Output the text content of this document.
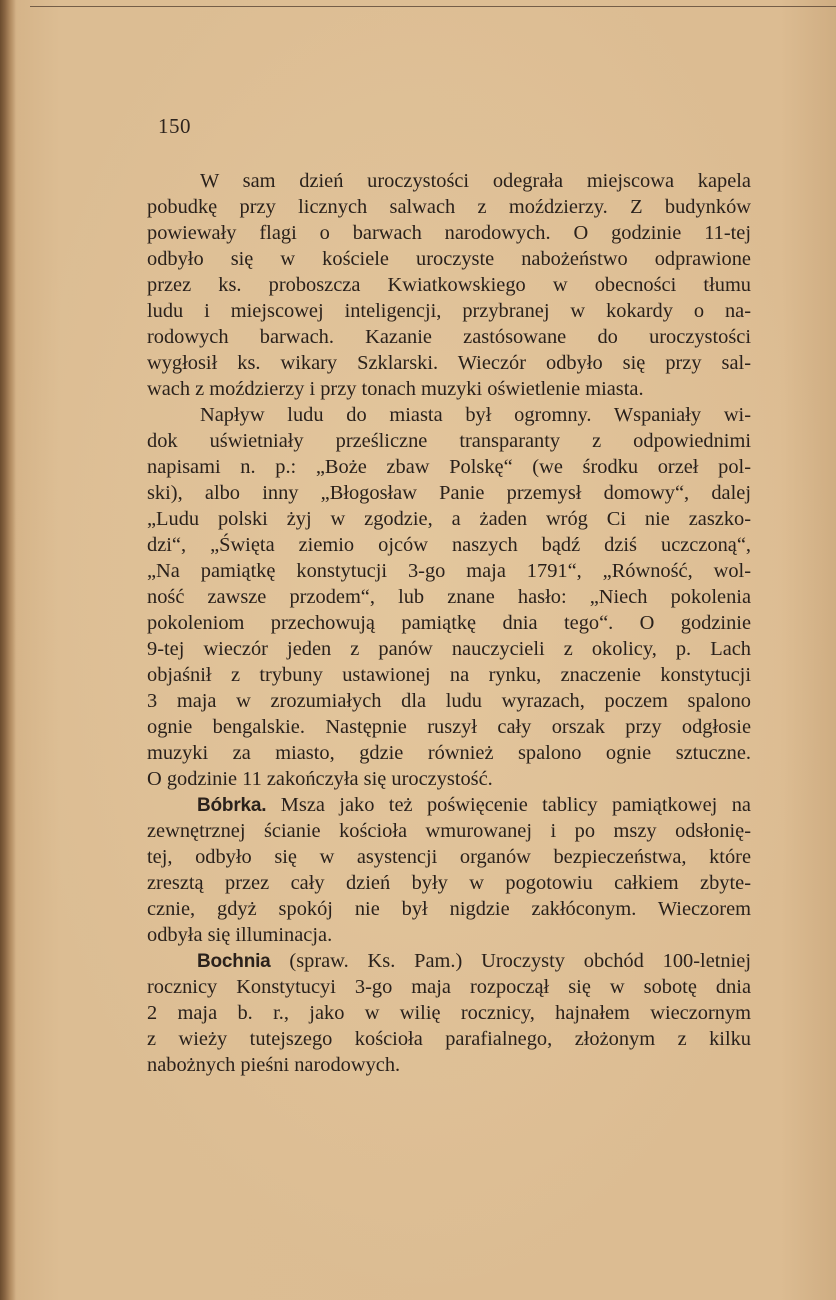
150
W sam dzień uroczystości odegrała miejscowa kapela
pobudkę przy licznych salwach z moździerzy. Z budynków
powiewały flagi o barwach narodowych. O godzinie 11-tej
odbyło się w kościele uroczyste nabożeństwo odprawione
przez ks. proboszcza Kwiatkowskiego w obecności tłumu
ludu i miejscowej inteligencji, przybranej w kokardy o na-
rodowych barwach. Kazanie zastósowane do uroczystości
wygłosił ks. wikary Szklarski. Wieczór odbyło się przy sal-
wach z moździerzy i przy tonach muzyki oświetlenie miasta.
Napływ ludu do miasta był ogromny. Wspaniały wi-
dok uświetniały prześliczne transparanty z odpowiednimi
napisami n. p.: „Boże zbaw Polskę“ (we środku orzeł pol-
ski), albo inny „Błogosław Panie przemysł domowy“, dalej
„Ludu polski żyj w zgodzie, a żaden wróg Ci nie zaszko-
dzi“, „Święta ziemio ojców naszych bądź dziś uczczoną“,
„Na pamiątkę konstytucji 3-go maja 1791“, „Równość, wol-
ność zawsze przodem“, lub znane hasło: „Niech pokolenia
pokoleniom przechowują pamiątkę dnia tego“. O godzinie
9-tej wieczór jeden z panów nauczycieli z okolicy, p. Lach
objaśnił z trybuny ustawionej na rynku, znaczenie konstytucji
3 maja w zrozumiałych dla ludu wyrazach, poczem spalono
ognie bengalskie. Następnie ruszył cały orszak przy odgłosie
muzyki za miasto, gdzie również spalono ognie sztuczne.
O godzinie 11 zakończyła się uroczystość.
Bóbrka. Msza jako też poświęcenie tablicy pamiątkowej na
zewnętrznej ścianie kościoła wmurowanej i po mszy odsłonię-
tej, odbyło się w asystencji organów bezpieczeństwa, które
zresztą przez cały dzień były w pogotowiu całkiem zbyte-
cznie, gdyż spokój nie był nigdzie zakłóconym. Wieczorem
odbyła się illuminacja.
Bochnia (spraw. Ks. Pam.) Uroczysty obchód 100-letniej
rocznicy Konstytucyi 3-go maja rozpoczął się w sobotę dnia
2 maja b. r., jako w wilię rocznicy, hajnałem wieczornym
z wieży tutejszego kościoła parafialnego, złożonym z kilku
nabożnych pieśni narodowych.
